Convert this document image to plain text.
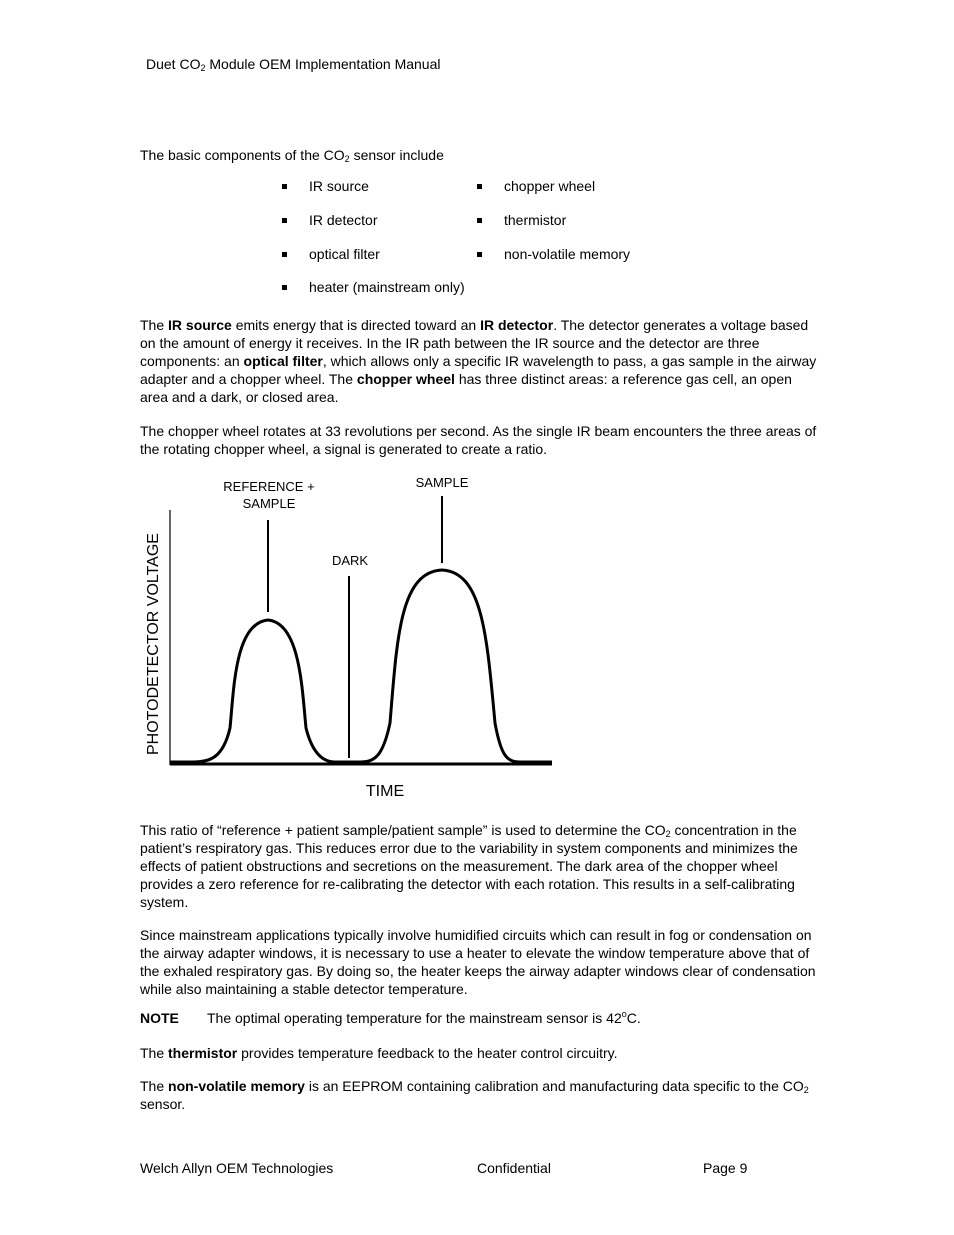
Duet $CO_2$ Module OEM Implementation Manual
The basic components of the $CO_2$ sensor include
IR source	chopper wheel
IR detector	thermistor
optical filter	non-volatile memory
heater (mainstream only)

The IR source emits energy that is directed toward an IR detector. The detector generates a voltage based on the amount of energy it receives. In the IR path between the IR source and the detector are three components: an optical filter, which allows only a specific IR wavelength to pass, a gas sample in the airway adapter and a chopper wheel. The chopper wheel has three distinct areas: a reference gas cell, an open area and a dark, or closed area.

The chopper wheel rotates at 33 revolutions per second. As the single IR beam encounters the three areas of the rotating chopper wheel, a signal is generated to create a ratio.

REFERENCE +
SAMPLE
DARK
SAMPLE
PHOTODETECTOR VOLTAGE
TIME

This ratio of “reference + patient sample/patient sample” is used to determine the $CO_2$ concentration in the patient’s respiratory gas. This reduces error due to the variability in system components and minimizes the effects of patient obstructions and secretions on the measurement. The dark area of the chopper wheel provides a zero reference for re-calibrating the detector with each rotation. This results in a self-calibrating system.

Since mainstream applications typically involve humidified circuits which can result in fog or condensation on the airway adapter windows, it is necessary to use a heater to elevate the window temperature above that of the exhaled respiratory gas. By doing so, the heater keeps the airway adapter windows clear of condensation while also maintaining a stable detector temperature.

NOTE The optimal operating temperature for the mainstream sensor is 42$^o$C.

The thermistor provides temperature feedback to the heater control circuitry.

The non-volatile memory is an EEPROM containing calibration and manufacturing data specific to the $CO_2$ sensor.

Welch Allyn OEM Technologies	Confidential	Page 9
